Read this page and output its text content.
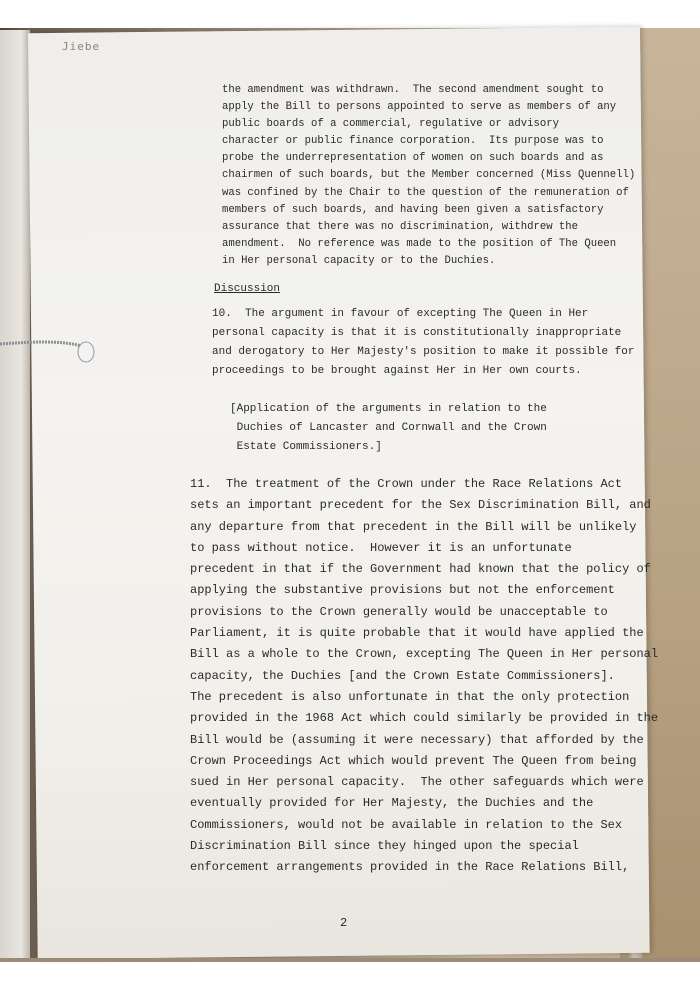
Jiebe
the amendment was withdrawn.  The second amendment sought to
apply the Bill to persons appointed to serve as members of any
public boards of a commercial, regulative or advisory
character or public finance corporation.  Its purpose was to
probe the underrepresentation of women on such boards and as
chairmen of such boards, but the Member concerned (Miss Quennell)
was confined by the Chair to the question of the remuneration of
members of such boards, and having been given a satisfactory
assurance that there was no discrimination, withdrew the
amendment.  No reference was made to the position of The Queen
in Her personal capacity or to the Duchies.
Discussion
10.  The argument in favour of excepting The Queen in Her
personal capacity is that it is constitutionally inappropriate
and derogatory to Her Majesty's position to make it possible for
proceedings to be brought against Her in Her own courts.
[Application of the arguments in relation to the
Duchies of Lancaster and Cornwall and the Crown
Estate Commissioners.]
11.  The treatment of the Crown under the Race Relations Act
sets an important precedent for the Sex Discrimination Bill, and
any departure from that precedent in the Bill will be unlikely
to pass without notice.  However it is an unfortunate
precedent in that if the Government had known that the policy of
applying the substantive provisions but not the enforcement
provisions to the Crown generally would be unacceptable to
Parliament, it is quite probable that it would have applied the
Bill as a whole to the Crown, excepting The Queen in Her personal
capacity, the Duchies [and the Crown Estate Commissioners].
The precedent is also unfortunate in that the only protection
provided in the 1968 Act which could similarly be provided in the
Bill would be (assuming it were necessary) that afforded by the
Crown Proceedings Act which would prevent The Queen from being
sued in Her personal capacity.  The other safeguards which were
eventually provided for Her Majesty, the Duchies and the
Commissioners, would not be available in relation to the Sex
Discrimination Bill since they hinged upon the special
enforcement arrangements provided in the Race Relations Bill,
2
